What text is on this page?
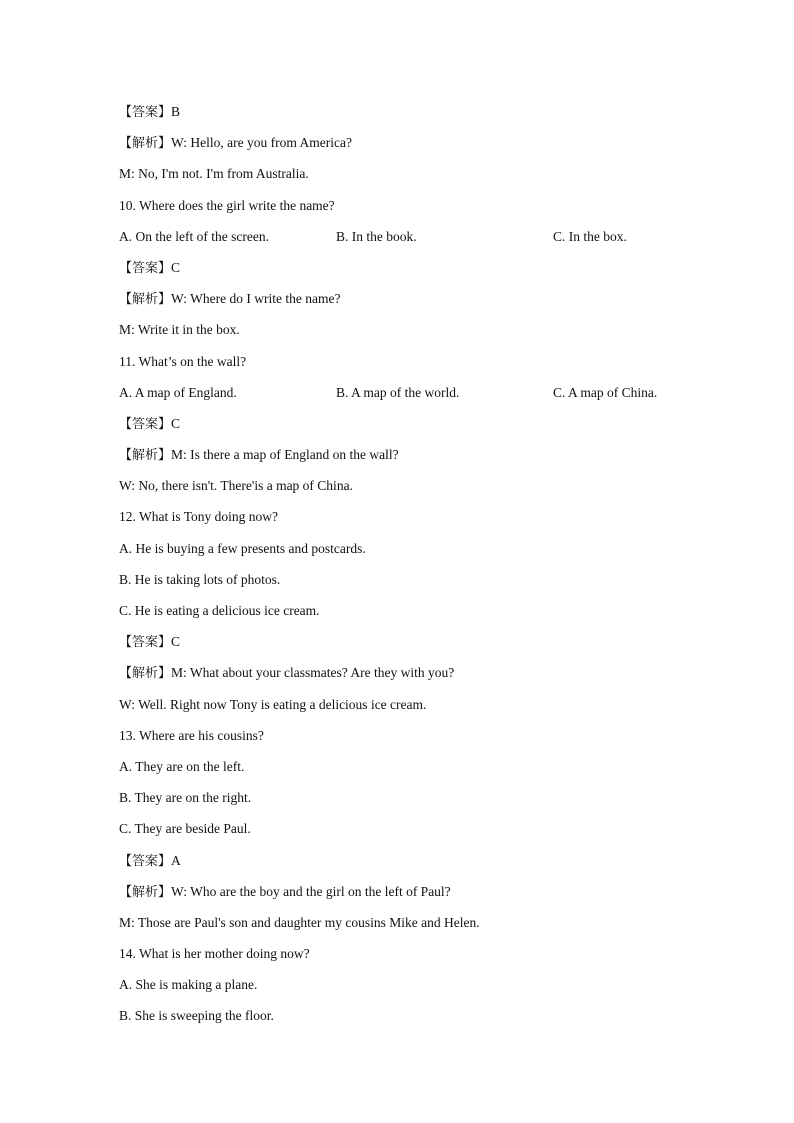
【答案】B
【解析】W: Hello, are you from America?
M: No, I'm not. I'm from Australia.
10. Where does the girl write the name?
A. On the left of the screen.	B. In the book.	C. In the box.
【答案】C
【解析】W: Where do I write the name?
M: Write it in the box.
11. What’s on the wall?
A. A map of England.	B. A map of the world.	C. A map of China.
【答案】C
【解析】M: Is there a map of England on the wall?
W: No, there isn't. There'is a map of China.
12. What is Tony doing now?
A. He is buying a few presents and postcards.
B. He is taking lots of photos.
C. He is eating a delicious ice cream.
【答案】C
【解析】M: What about your classmates? Are they with you?
W: Well. Right now Tony is eating a delicious ice cream.
13. Where are his cousins?
A. They are on the left.
B. They are on the right.
C. They are beside Paul.
【答案】A
【解析】W: Who are the boy and the girl on the left of Paul?
M: Those are Paul's son and daughter my cousins Mike and Helen.
14. What is her mother doing now?
A. She is making a plane.
B. She is sweeping the floor.
